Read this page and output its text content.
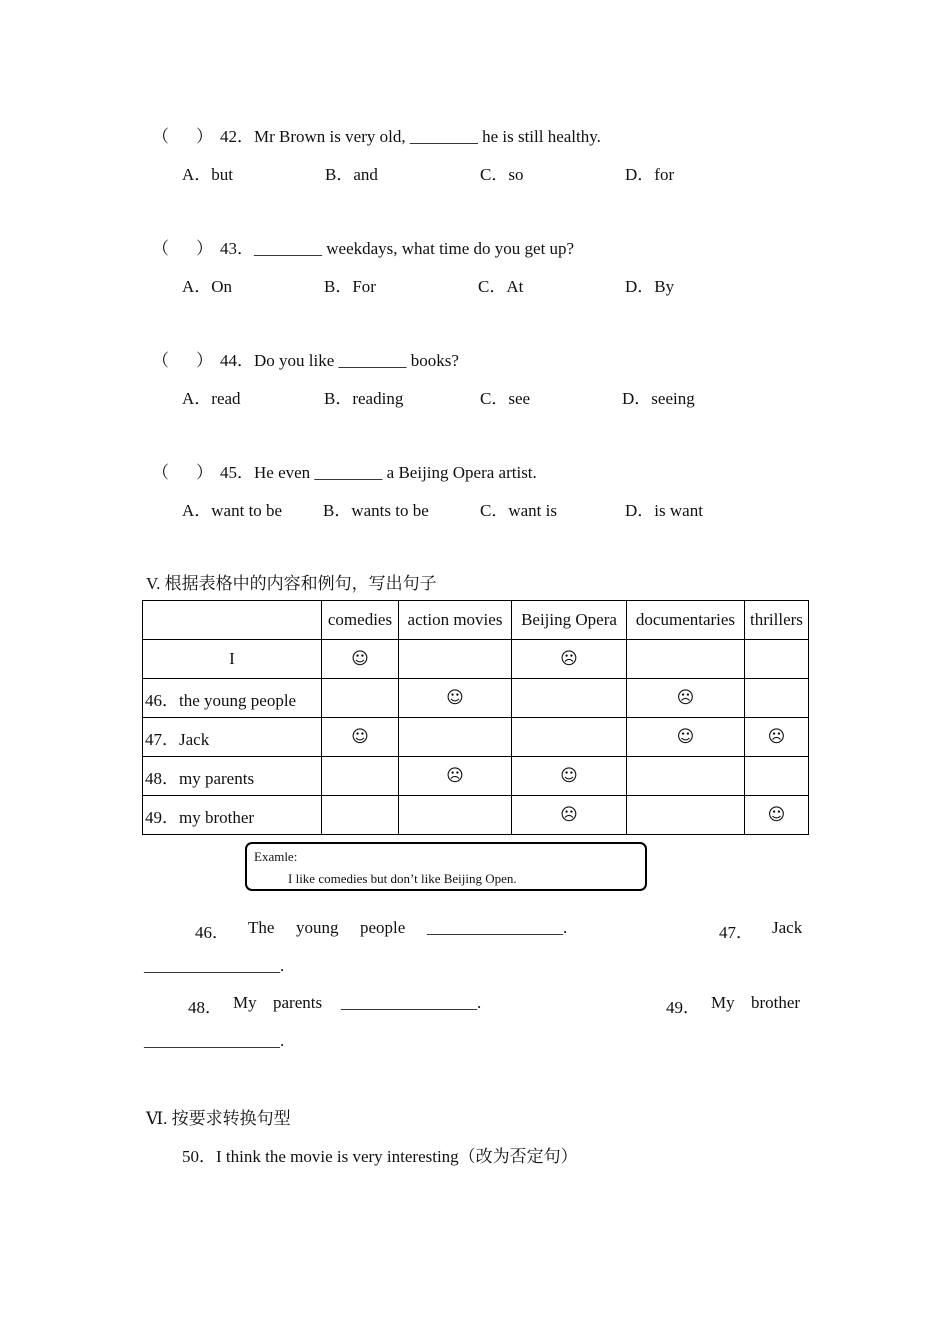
（ ） 42．Mr Brown is very old, ________ he is still healthy.
A．but	B．and	C．so	D．for
（ ） 43．________ weekdays, what time do you get up?
A．On	B．For	C．At	D．By
（ ） 44．Do you like ________ books?
A．read	B．reading	C．see	D．seeing
（ ） 45．He even ________ a Beijing Opera artist.
A．want to be B．wants to be	C．want is	D．is want
V. 根据表格中的内容和例句，写出句子
	comedies	action movies	Beijing Opera	documentaries	thrillers
I	☺		☹		
46．the young people		☺		☹	
47．Jack	☺			☺	☹
48．my parents		☹	☺		
49．my brother			☹		☺
Examle:
I like comedies but don’t like Beijing Open.
46． The young people ________________.	47． Jack
________________.
48． My parents ________________.	49． My brother
________________.
Ⅵ. 按要求转换句型
50．I think the movie is very interesting（改为否定句）
